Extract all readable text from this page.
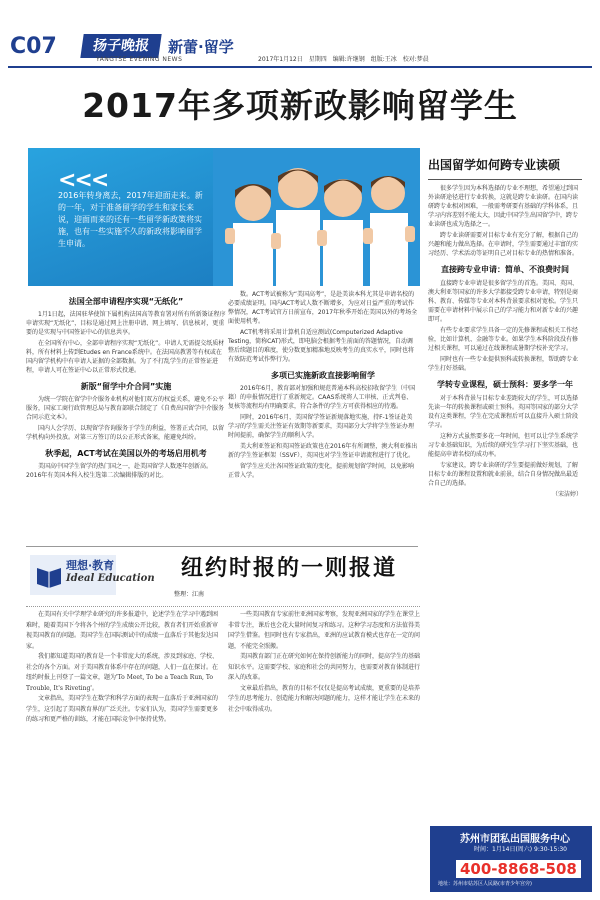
C07	扬子晚报
YANGTSE EVENING NEWS
新蕾·留学
2017年1月12日　星期四　编辑:许继钢　组版:王冰　校对:梦晨
2017年多项新政影响留学生
<<<
2016年转身离去，2017年迎面走来。新的一年，对于准备留学的学生和家长来说，迎面而来的还有一些留学新政策将实施，也有一些实施不久的新政将影响留学生申请。
法国全部申请程序实现“无纸化”

1月1日起，法国驻华使馆下属机构法国高等教育署对所有所新簽证程序申请实现“无纸化”，目标是通过网上注册申请、网上填写、信息核对，更重要的是实现与中国签证中心的信息共享。

在全国所有中心，全部申请程序实现“无纸化”。申请人无需提交纸质材料，所有材料上传到Etudes en France系统中。在法国高教署等有权或在国内留学机构中有申请人证据的全部数据。为了不打乱学生的正常签证进程，申请人可在签证中心以正常形式投递。

新版“留学中介合同”实施

为统一学院在留学中介服务业机构对他们双方的权益关系，避免不公平服务，国家工商行政管理总局与教育部联合制定了《自费出国留学中介服务合同示范文本》。

国内人会学历、以现留学咨询服务于学生的利益，签署正式合同，以留学机构向外投放。对第三方签订的以公正形式备案，能避免纠纷。

秋季起，ACT考试在美国以外的考场启用机考

美国高中国学生留学的热门国之一，赴美国留学人数逐年创新高。2016年有美国本科入校生选第二次编辑排版的对比。

数。ACT考试被称为“美国高考”，是赴美读本科尤其是申请名校的必要成绩证明。国内ACT考试人数不断增多，为应对日益严重的考试作弊情况，ACT考试官方日前宣布，2017年秋季开始在美国以外的考场全面使用机考。

ACT机考将采用计算机自适应测试(Computerized Adaptive Testing，简称CAT)形式，即电脑会根据考生前面的答题情况，自动调整后续题目的难度，使分数更加精准地反映考生的真实水平，同时也将有效防范考试作弊行为。

多项已实施新政直接影响留学

2016年6月，教育部对加强和规范普通本科高校招收留学生（中国籍）的申报情况进行了重新规定。CAAS系统将人工审核、正式判卷、复核等流程均有明确要求，符合条件的学生方可获得相应的待遇。

同时，2016年6月，美国留学签证新规落地实施，持F-1签证赴美学习的学生需关注签证有效期等新要求，美国部分大学将学生签证办理时间提前，确保学生的顺利入学。

美大利亚签证和英国签证政策也在2016年有所调整，澳大利亚推出新的学生签证框架（SSVF），英国也对学生签证申请流程进行了优化。

留学生应关注各国签证政策的变化，提前规划留学时间，以免影响正常入学。

出国留学如何跨专业读硕

很多学生因为本科选择的专业不理想，希望通过到国外读研途径进行专业转换，这就是跨专业读研。在国内读研跨专业相对困难，一般需考研要有基础的学科体系，且学习内容差别不能太大，因此中国学生出国留学中，跨专业读研也成为选择之一。

跨专业读研需要对目标专业有充分了解，根据自己的兴趣和能力做出选择。在申请时，学生需要通过丰富的实习经历、学术活动等证明自己对目标专业的热情和准备。

直接跨专业申请：简单、不浪费时间

直接跨专业申请是很多留学生的首选。美国、英国、澳大利亚等国家的许多大学都接受跨专业申请，特别是商科、教育、传媒等专业对本科背景要求相对宽松。学生只需要在申请材料中展示自己的学习能力和对新专业的兴趣即可。

有些专业要求学生具备一定的先修课程或相关工作经验，比如计算机、金融等专业。如果学生本科阶段没有修过相关课程，可以通过在线课程或暑期学校补充学习。

同时也有一些专业提供预科或转换课程，帮助跨专业学生打好基础。

学转专业课程，硕士预科：要多学一年

对于本科背景与目标专业差距较大的学生，可以选择先读一年的转换课程或硕士预科。英国等国家的部分大学设有这类课程，学生在完成课程后可以直接升入硕士阶段学习。

这种方式虽然要多花一年时间，但可以让学生系统学习专业基础知识，为后续的研究生学习打下坚实基础，也能提高申请名校的成功率。

专家建议，跨专业读研的学生要提前做好规划，了解目标专业的课程设置和就业前景，结合自身情况做出最适合自己的选择。

（宋洁婷）

苏州市团私出国服务中心
时间：1月14日(周六) 9:30-15:30
400-8868-508
地址：苏州市姑苏区人民路(市青少年宫旁)
理想·教育
Ideal Education 纽约时报的一则报道
整理：江南

在美国有关中学理学业研究的许多报道中，论述学生在学习中遇到困难时，随着美国下令将各个州的学生成绩公开比较，教育者们开始重新审视美国教育的问题。美国学生在国际测试中的成绩一直落后于其他发达国家。

我们都知道美国的教育是一个非常庞大的系统，涉及到家庭、学校、社会的各个方面。对于美国教育体系中存在的问题，人们一直在探讨。在纽约时报上刊登了一篇文章，题为'To Meet, To be a Teach Run, To Trouble, It's Riveting'。

文章指出，美国学生在数学和科学方面的表现一直落后于亚洲国家的学生，这引起了美国教育界的广泛关注。专家们认为，美国学生需要更多的练习和更严格的训练，才能在国际竞争中保持优势。

一些美国教育专家前往亚洲国家考察，发现亚洲国家的学生在课堂上非常专注，课后也会花大量时间复习和练习。这种学习态度和方法值得美国学生借鉴。但同时也有专家指出，亚洲的应试教育模式也存在一定的问题，不能完全照搬。

美国教育部门正在研究如何在保持创新能力的同时，提高学生的基础知识水平。这需要学校、家庭和社会的共同努力，也需要对教育体制进行深入的改革。

文章最后指出，教育的目标不仅仅是提高考试成绩，更重要的是培养学生的思考能力、创造能力和解决问题的能力，这样才能让学生在未来的社会中取得成功。
